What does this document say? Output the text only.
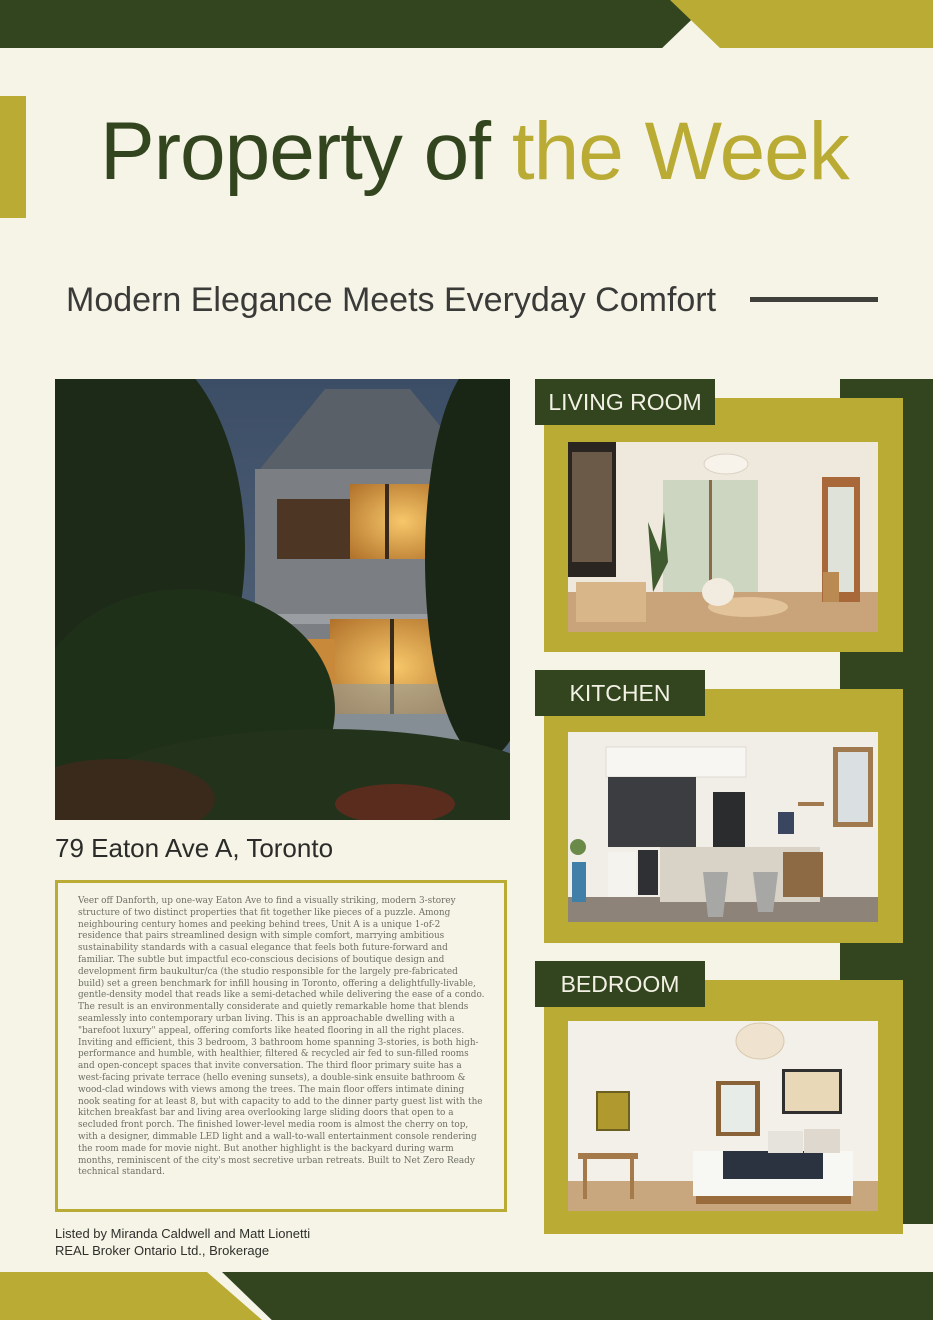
Property of the Week
Modern Elegance Meets Everyday Comfort
79 Eaton Ave A, Toronto
Veer off Danforth, up one-way Eaton Ave to find a visually striking, modern 3-storey structure of two distinct properties that fit together like pieces of a puzzle. Among neighbouring century homes and peeking behind trees, Unit A is a unique 1-of-2 residence that pairs streamlined design with simple comfort, marrying ambitious sustainability standards with a casual elegance that feels both future-forward and familiar. The subtle but impactful eco-conscious decisions of boutique design and development firm baukultur/ca (the studio responsible for the largely pre-fabricated build) set a green benchmark for infill housing in Toronto, offering a delightfully-livable, gentle-density model that reads like a semi-detached while delivering the ease of a condo. The result is an environmentally considerate and quietly remarkable home that blends seamlessly into contemporary urban living. This is an approachable dwelling with a "barefoot luxury" appeal, offering comforts like heated flooring in all the right places. Inviting and efficient, this 3 bedroom, 3 bathroom home spanning 3-stories, is both high-performance and humble, with healthier, filtered & recycled air fed to sun-filled rooms and open-concept spaces that invite conversation. The third floor primary suite has a west-facing private terrace (hello evening sunsets), a double-sink ensuite bathroom & wood-clad windows with views among the trees. The main floor offers intimate dining nook seating for at least 8, but with capacity to add to the dinner party guest list with the kitchen breakfast bar and living area overlooking large sliding doors that open to a secluded front porch. The finished lower-level media room is almost the cherry on top, with a designer, dimmable LED light and a wall-to-wall entertainment console rendering the room made for movie night. But another highlight is the backyard during warm months, reminiscent of the city's most secretive urban retreats. Built to Net Zero Ready technical standard.
Listed by Miranda Caldwell and Matt Lionetti
REAL Broker Ontario Ltd., Brokerage
LIVING ROOM
KITCHEN
BEDROOM
